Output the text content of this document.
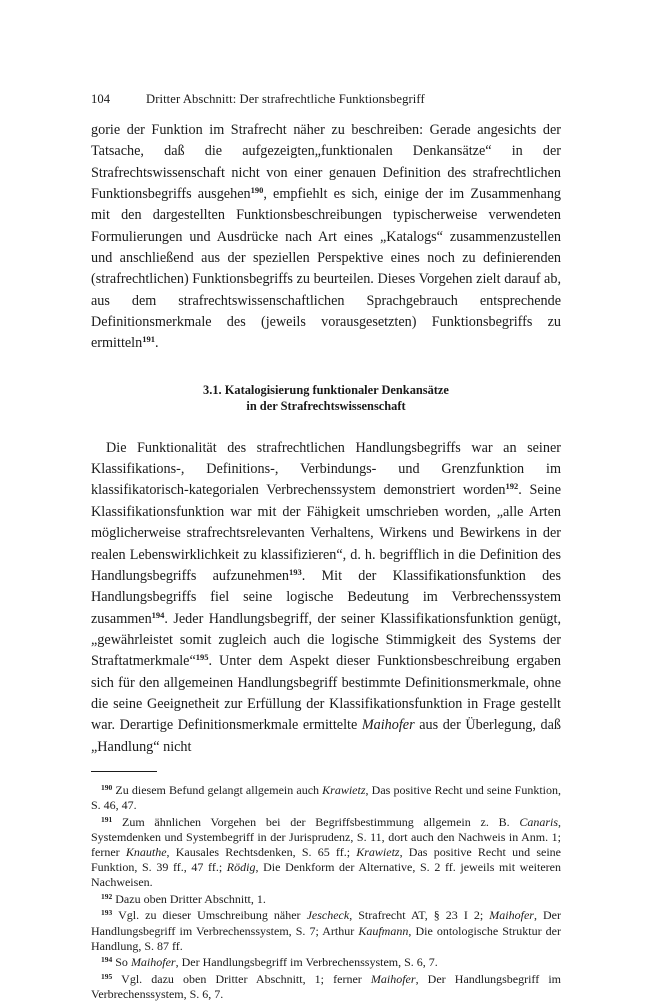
104	Dritter Abschnitt: Der strafrechtliche Funktionsbegriff

gorie der Funktion im Strafrecht näher zu beschreiben: Gerade angesichts der Tatsache, daß die aufgezeigten„funktionalen Denkansätze“ in der Strafrechtswissenschaft nicht von einer genauen Definition des strafrechtlichen Funktionsbegriffs ausgehen$^{190}$, empfiehlt es sich, einige der im Zusammenhang mit den dargestellten Funktionsbeschreibungen typischerweise verwendeten Formulierungen und Ausdrücke nach Art eines „Katalogs“ zusammenzustellen und anschließend aus der speziellen Perspektive eines noch zu definierenden (strafrechtlichen) Funktionsbegriffs zu beurteilen. Dieses Vorgehen zielt darauf ab, aus dem strafrechtswissenschaftlichen Sprachgebrauch entsprechende Definitionsmerkmale des (jeweils vorausgesetzten) Funktionsbegriffs zu ermitteln$^{191}$.

3.1. Katalogisierung funktionaler Denkansätze
in der Strafrechtswissenschaft

Die Funktionalität des strafrechtlichen Handlungsbegriffs war an seiner Klassifikations-, Definitions-, Verbindungs- und Grenzfunktion im klassifikatorisch-kategorialen Verbrechenssystem demonstriert worden$^{192}$. Seine Klassifikationsfunktion war mit der Fähigkeit umschrieben worden, „alle Arten möglicherweise strafrechtsrelevanten Verhaltens, Wirkens und Bewirkens in der realen Lebenswirklichkeit zu klassifizieren“, d. h. begrifflich in die Definition des Handlungsbegriffs aufzunehmen$^{193}$. Mit der Klassifikationsfunktion des Handlungsbegriffs fiel seine logische Bedeutung im Verbrechenssystem zusammen$^{194}$. Jeder Handlungsbegriff, der seiner Klassifikationsfunktion genügt, „gewährleistet somit zugleich auch die logische Stimmigkeit des Systems der Straftatmerkmale“$^{195}$. Unter dem Aspekt dieser Funktionsbeschreibung ergaben sich für den allgemeinen Handlungsbegriff bestimmte Definitionsmerkmale, ohne die seine Geeignetheit zur Erfüllung der Klassifikationsfunktion in Frage gestellt war. Derartige Definitionsmerkmale ermittelte Maihofer aus der Überlegung, daß „Handlung“ nicht

$^{190}$ Zu diesem Befund gelangt allgemein auch Krawietz, Das positive Recht und seine Funktion, S. 46, 47.

$^{191}$ Zum ähnlichen Vorgehen bei der Begriffsbestimmung allgemein z. B. Canaris, Systemdenken und Systembegriff in der Jurisprudenz, S. 11, dort auch den Nachweis in Anm. 1; ferner Knauthe, Kausales Rechtsdenken, S. 65 ff.; Krawietz, Das positive Recht und seine Funktion, S. 39 ff., 47 ff.; Rödig, Die Denkform der Alternative, S. 2 ff. jeweils mit weiteren Nachweisen.

$^{192}$ Dazu oben Dritter Abschnitt, 1.

$^{193}$ Vgl. zu dieser Umschreibung näher Jescheck, Strafrecht AT, § 23 I 2; Maihofer, Der Handlungsbegriff im Verbrechenssystem, S. 7; Arthur Kaufmann, Die ontologische Struktur der Handlung, S. 87 ff.

$^{194}$ So Maihofer, Der Handlungsbegriff im Verbrechenssystem, S. 6, 7.

$^{195}$ Vgl. dazu oben Dritter Abschnitt, 1; ferner Maihofer, Der Handlungsbegriff im Verbrechenssystem, S. 6, 7.
